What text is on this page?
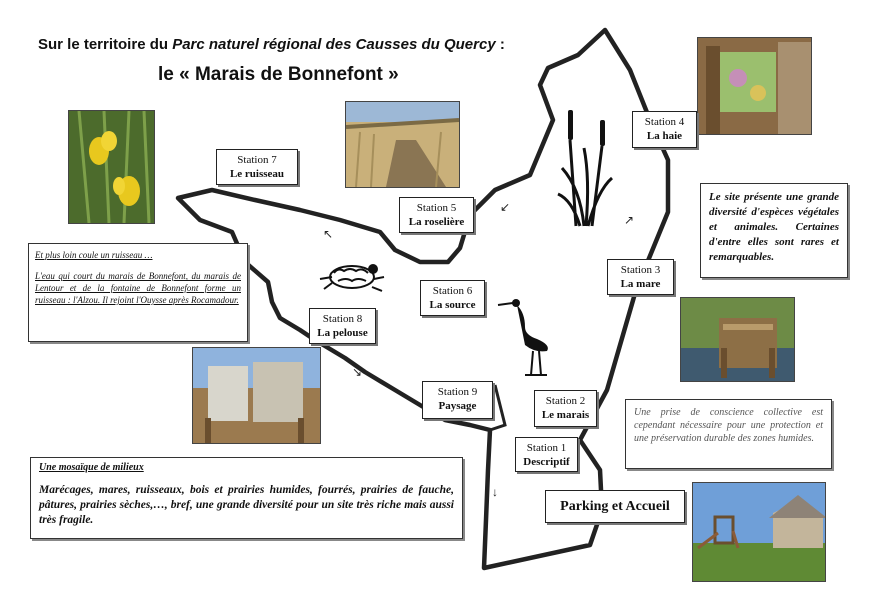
Sur le territoire du Parc naturel régional des Causses du Quercy :
le « Marais de Bonnefont »
↖
↘
↙
↗
↓
Station 7
Le ruisseau
Station 5
La roselière
Station 4
La haie
Station 6
La source
Station 3
La mare
Station 8
La pelouse
Station 9
Paysage	Station 2
Le marais
Station 1
Descriptif
Parking et Accueil
Et plus loin coule un ruisseau …
L'eau qui court du marais de Bonnefont, du marais de Lentour et de la fontaine de Bonnefont forme un ruisseau : l'Alzou. Il rejoint l'Ouysse après Rocamadour.
Une mosaïque de milieux
Marécages, mares, ruisseaux, bois et prairies humides, fourrés, prairies de fauche, pâtures, prairies sèches,…, bref, une grande diversité pour un site très riche mais aussi très fragile.
Le site présente une grande diversité d'espèces végétales et animales. Certaines d'entre elles sont rares et remarquables.
Une prise de conscience collective est cependant nécessaire pour une protection et une préservation durable des zones humides.
